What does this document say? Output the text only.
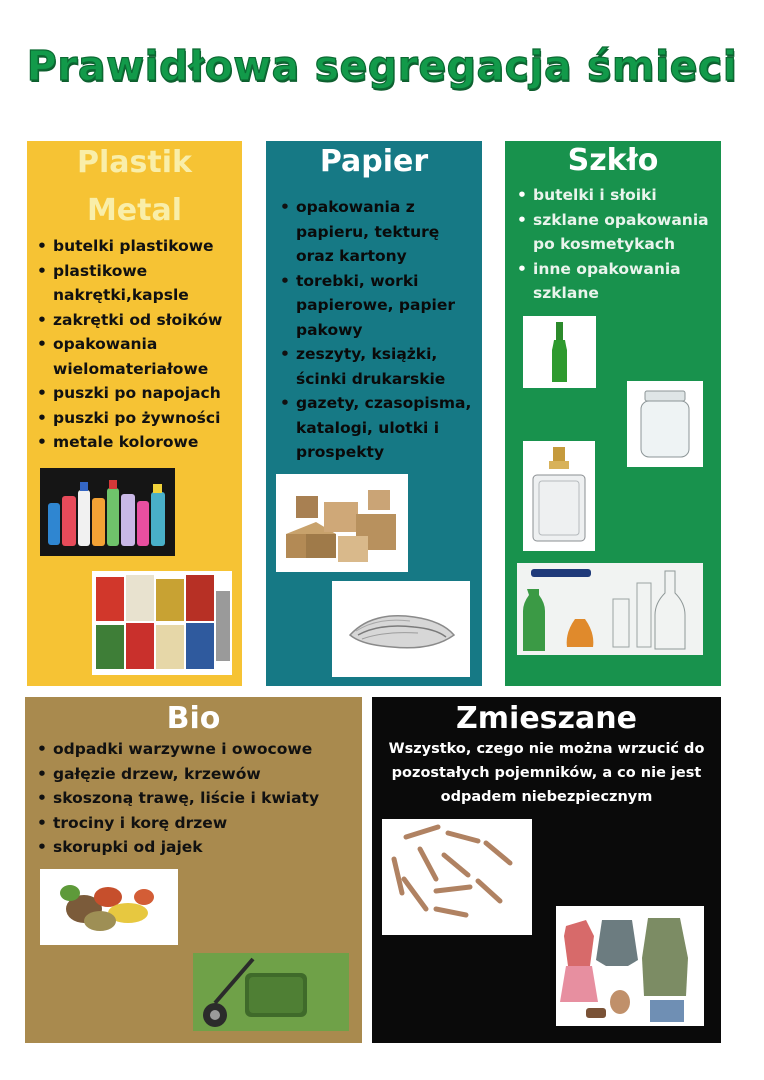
Prawidłowa segregacja śmieci
Plastik
Metal
• butelki plastikowe
• plastikowe nakrętki,kapsle
• zakrętki od słoików
• opakowania wielomateriałowe
• puszki po napojach
• puszki po żywności
• metale kolorowe
Papier
• opakowania z papieru, tekturę oraz kartony
• torebki, worki papierowe, papier pakowy
• zeszyty, książki, ścinki drukarskie
• gazety, czasopisma, katalogi, ulotki i prospekty
Szkło
• butelki i słoiki
• szklane opakowania po kosmetykach
• inne opakowania szklane
Bio
• odpadki warzywne i owocowe
• gałęzie drzew, krzewów
• skoszoną trawę, liście i kwiaty
• trociny i korę drzew
• skorupki od jajek
Zmieszane
Wszystko, czego nie można wrzucić do pozostałych pojemników, a co nie jest odpadem niebezpiecznym
